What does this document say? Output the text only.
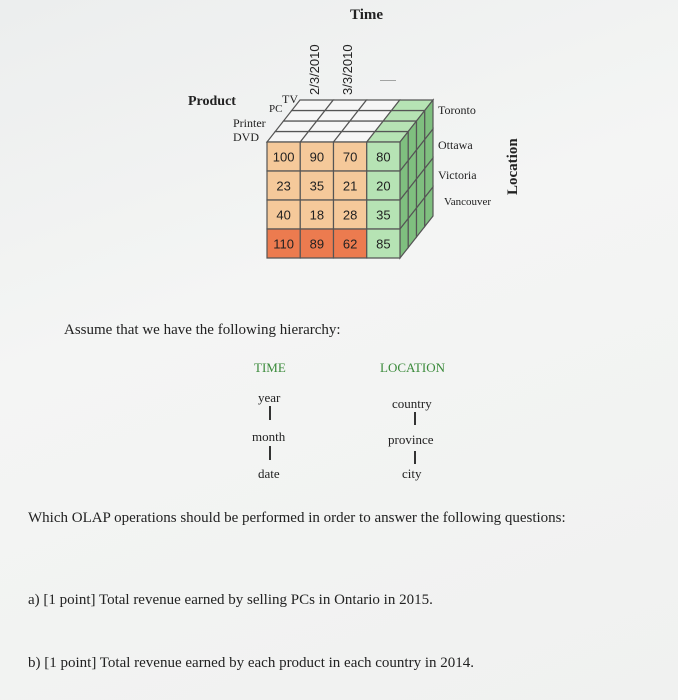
100 90 70 80
23 35 21 20
40 18 28 35
110 89 62 85
Time
2/3/2010 3/3/2010	........
Product	TV
PC
Printer
DVD
Toronto
Ottawa
Victoria
Vancouver
Location
Assume that we have the following hierarchy:
TIME
year
month
date
LOCATION
country
province
city
Which OLAP operations should be performed in order to answer the following questions:
a) [1 point] Total revenue earned by selling PCs in Ontario in 2015.
b) [1 point] Total revenue earned by each product in each country in 2014.
